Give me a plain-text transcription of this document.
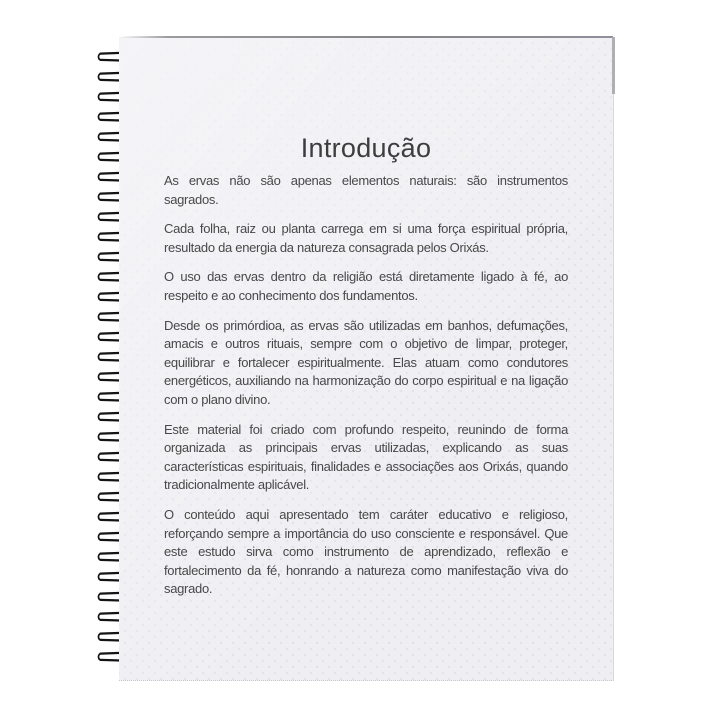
Introdução

As ervas não são apenas elementos naturais: são instrumentos sagrados.

Cada folha, raiz ou planta carrega em si uma força espiritual própria, resultado da energia da natureza consagrada pelos Orixás.

O uso das ervas dentro da religião está diretamente ligado à fé, ao respeito e ao conhecimento dos fundamentos.

Desde os primórdioa, as ervas são utilizadas em banhos, defumações, amacis e outros rituais, sempre com o objetivo de limpar, proteger, equilibrar e fortalecer espiritualmente. Elas atuam como condutores energéticos, auxiliando na harmonização do corpo espiritual e na ligação com o plano divino.

Este material foi criado com profundo respeito, reunindo de forma organizada as principais ervas utilizadas, explicando as suas características espirituais, finalidades e associações aos Orixás, quando tradicionalmente aplicável.

O conteúdo aqui apresentado tem caráter educativo e religioso, reforçando sempre a importância do uso consciente e responsável. Que este estudo sirva como instrumento de aprendizado, reflexão e fortalecimento da fé, honrando a natureza como manifestação viva do sagrado.
